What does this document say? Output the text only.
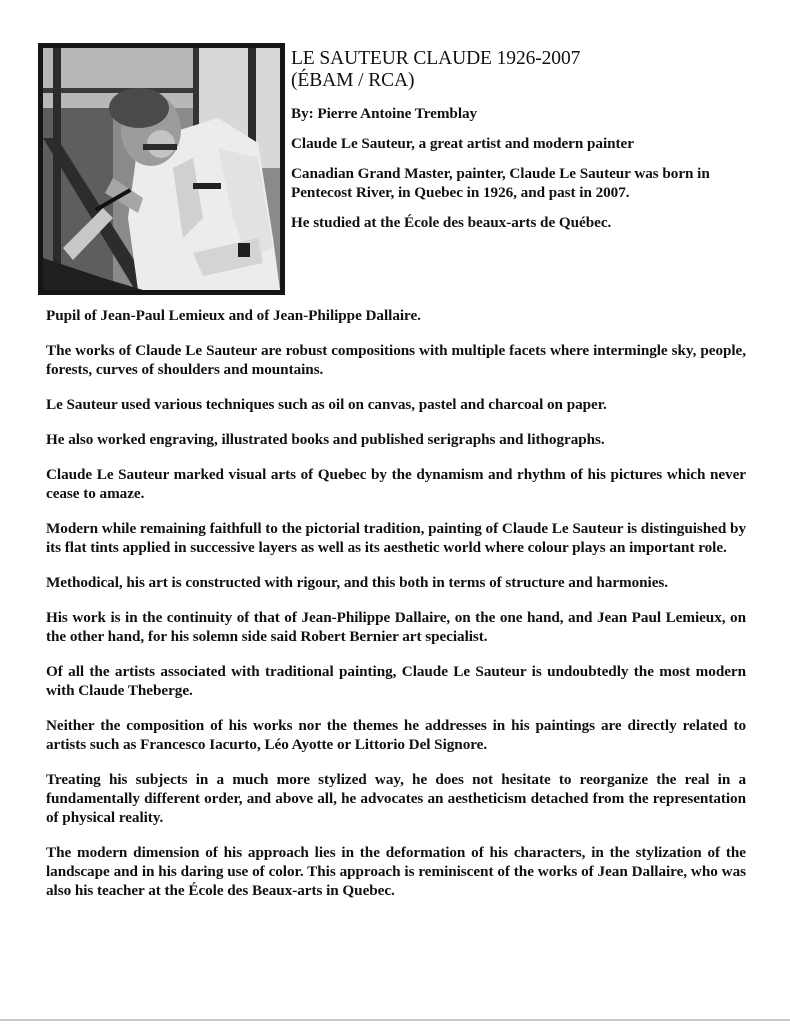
LE SAUTEUR CLAUDE 1926-2007
(ÉBAM / RCA)
By: Pierre Antoine Tremblay
Claude Le Sauteur, a great artist and modern painter
Canadian Grand Master, painter, Claude Le Sauteur was born in Pentecost River, in Quebec in 1926, and past in 2007.
He studied at the École des beaux-arts de Québec.
Pupil of Jean-Paul Lemieux and of Jean-Philippe Dallaire.
The works of Claude Le Sauteur are robust compositions with multiple facets where intermingle sky, people, forests, curves of shoulders and mountains.
Le Sauteur used various techniques such as oil on canvas, pastel and charcoal on paper.
He also worked engraving, illustrated books and published serigraphs and lithographs.
Claude Le Sauteur marked visual arts of Quebec by the dynamism and rhythm of his pictures which never cease to amaze.
Modern while remaining faithfull to the pictorial tradition, painting of Claude Le Sauteur is distinguished by its flat tints applied in successive layers as well as its aesthetic world where colour plays an important role.
Methodical, his art is constructed with rigour, and this both in terms of structure and harmonies.
His work is in the continuity of that of Jean-Philippe Dallaire, on the one hand, and Jean Paul Lemieux, on the other hand, for his solemn side said Robert Bernier art specialist.
Of all the artists associated with traditional painting, Claude Le Sauteur is undoubtedly the most modern with Claude Theberge.
Neither the composition of his works nor the themes he addresses in his paintings are directly related to artists such as Francesco Iacurto, Léo Ayotte or Littorio Del Signore.
Treating his subjects in a much more stylized way, he does not hesitate to reorganize the real in a fundamentally different order, and above all, he advocates an aestheticism detached from the representation of physical reality.
The modern dimension of his approach lies in the deformation of his characters, in the stylization of the landscape and in his daring use of color. This approach is reminiscent of the works of Jean Dallaire, who was also his teacher at the École des Beaux-arts in Quebec.
